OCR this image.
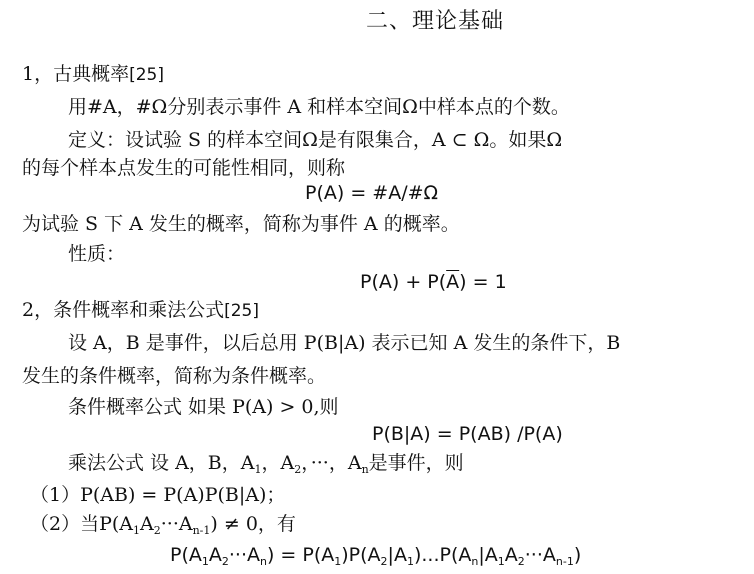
二、理论基础
1，古典概率[25]
用#A，#Ω分别表示事件 A 和样本空间Ω中样本点的个数。
定义：设试验 S 的样本空间Ω是有限集合，A ⊂ Ω。如果Ω
的每个样本点发生的可能性相同，则称
P(A) = #A/#Ω
为试验 S 下 A 发生的概率，简称为事件 A 的概率。
性质：
$P(A) + P(\overline{A}) = 1$
2，条件概率和乘法公式[25]
设 A，B 是事件，以后总用 P(B|A) 表示已知 A 发生的条件下，B
发生的条件概率，简称为条件概率。
条件概率公式 如果 P(A) > 0,则
P(B|A) = P(AB) /P(A)
乘法公式 设 A，B，$A_1$，$A_2$，···，$A_n$是事件，则
（1）P(AB) = P(A)P(B|A)；
（2）当$P(A_1A_2\cdot\cdot\cdot A_{n-1}) \ne 0$，有
$P(A_1A_2\cdot\cdot\cdot A_n) = P(A_1)P(A_2|A_1)...P(A_n|A_1A_2\cdot\cdot\cdot A_{n-1})$
